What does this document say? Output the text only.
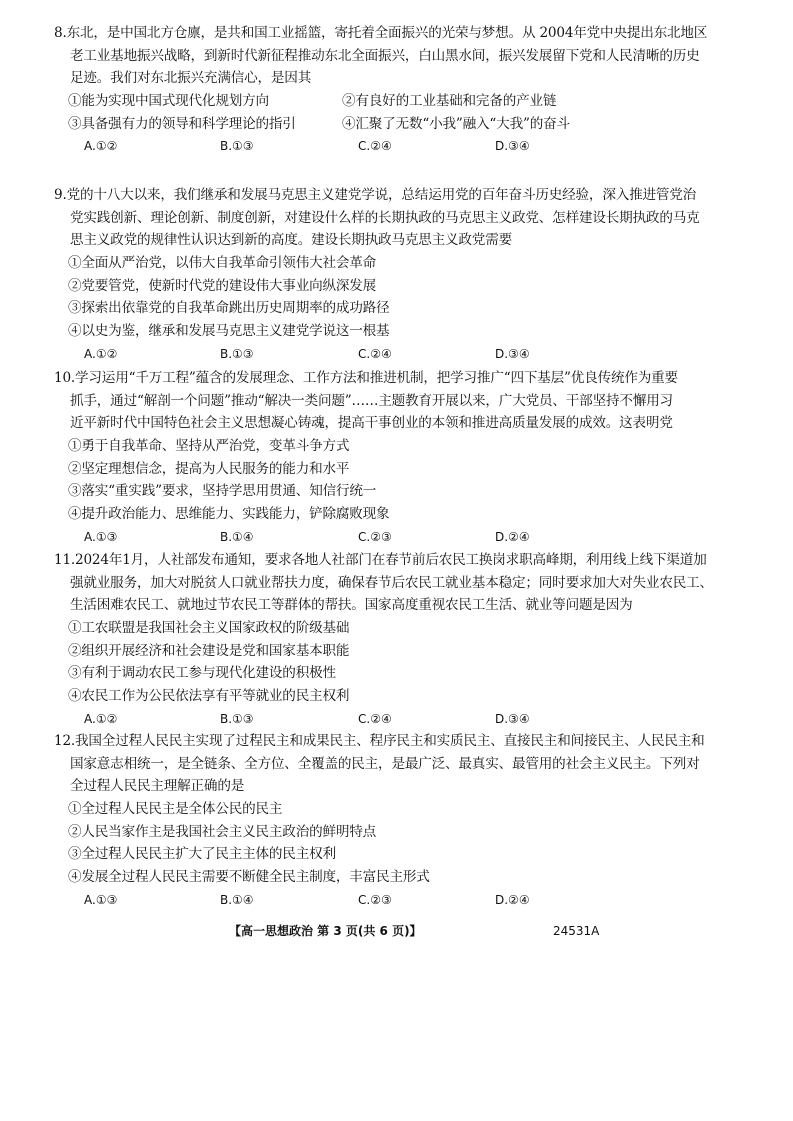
8.东北，是中国北方仓廪，是共和国工业摇篮，寄托着全面振兴的光荣与梦想。从 2004年党中央提出东北地区
老工业基地振兴战略，到新时代新征程推动东北全面振兴，白山黑水间，振兴发展留下党和人民清晰的历史
足迹。我们对东北振兴充满信心，是因其
①能为实现中国式现代化规划方向	②有良好的工业基础和完备的产业链
③具备强有力的领导和科学理论的指引	④汇聚了无数“小我”融入“大我”的奋斗
A.①②	B.①③	C.②④	D.③④
9.党的十八大以来，我们继承和发展马克思主义建党学说，总结运用党的百年奋斗历史经验，深入推进管党治
党实践创新、理论创新、制度创新，对建设什么样的长期执政的马克思主义政党、怎样建设长期执政的马克
思主义政党的规律性认识达到新的高度。建设长期执政马克思主义政党需要
①全面从严治党，以伟大自我革命引领伟大社会革命
②党要管党，使新时代党的建设伟大事业向纵深发展
③探索出依靠党的自我革命跳出历史周期率的成功路径
④以史为鉴，继承和发展马克思主义建党学说这一根基
A.①②	B.①③	C.②④	D.③④
10.学习运用“千万工程”蕴含的发展理念、工作方法和推进机制，把学习推广“四下基层”优良传统作为重要
抓手，通过“解剖一个问题”推动“解决一类问题”……主题教育开展以来，广大党员、干部坚持不懈用习
近平新时代中国特色社会主义思想凝心铸魂，提高干事创业的本领和推进高质量发展的成效。这表明党
①勇于自我革命、坚持从严治党，变革斗争方式
②坚定理想信念，提高为人民服务的能力和水平
③落实“重实践”要求，坚持学思用贯通、知信行统一
④提升政治能力、思维能力、实践能力，铲除腐败现象
A.①③	B.①④	C.②③	D.②④
11.2024年1月，人社部发布通知，要求各地人社部门在春节前后农民工换岗求职高峰期，利用线上线下渠道加
强就业服务，加大对脱贫人口就业帮扶力度，确保春节后农民工就业基本稳定；同时要求加大对失业农民工、
生活困难农民工、就地过节农民工等群体的帮扶。国家高度重视农民工生活、就业等问题是因为
①工农联盟是我国社会主义国家政权的阶级基础
②组织开展经济和社会建设是党和国家基本职能
③有利于调动农民工参与现代化建设的积极性
④农民工作为公民依法享有平等就业的民主权利
A.①②	B.①③	C.②④	D.③④
12.我国全过程人民民主实现了过程民主和成果民主、程序民主和实质民主、直接民主和间接民主、人民民主和
国家意志相统一，是全链条、全方位、全覆盖的民主，是最广泛、最真实、最管用的社会主义民主。下列对
全过程人民民主理解正确的是
①全过程人民民主是全体公民的民主
②人民当家作主是我国社会主义民主政治的鲜明特点
③全过程人民民主扩大了民主主体的民主权利
④发展全过程人民民主需要不断健全民主制度，丰富民主形式
A.①③	B.①④	C.②③	D.②④
【高一思想政治 第 3 页(共 6 页)】	24531A
